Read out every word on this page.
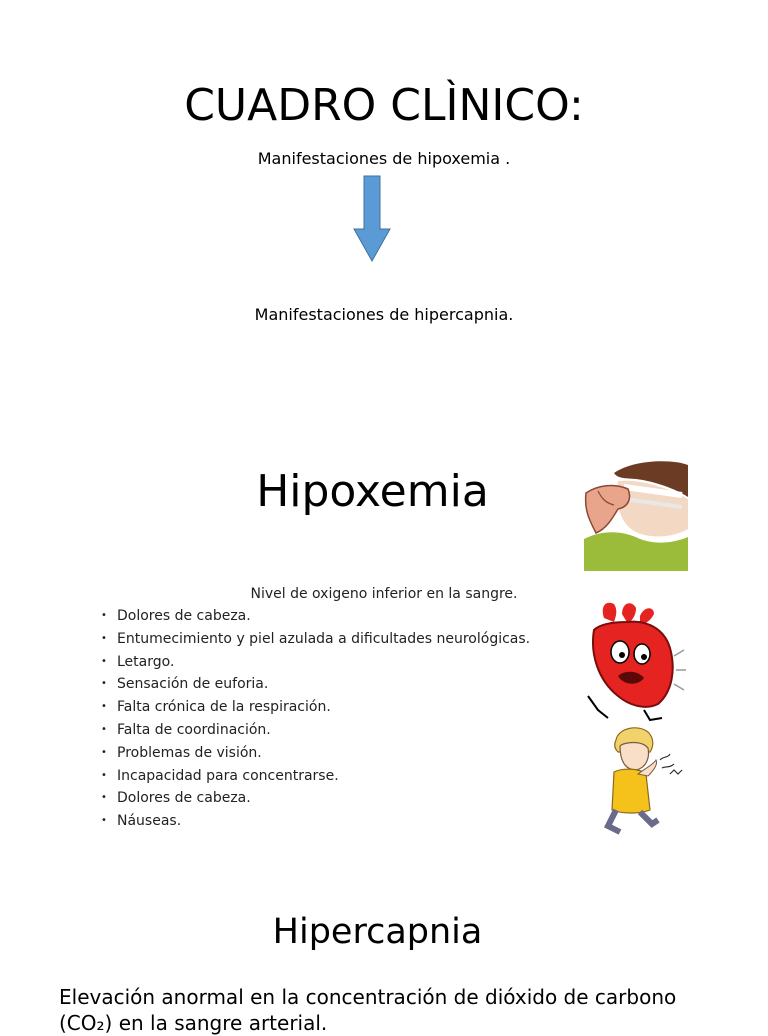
CUADRO CLÌNICO:
Manifestaciones de hipoxemia .
Manifestaciones de hipercapnia.
Hipoxemia
Nivel de oxigeno inferior en la sangre.
• Dolores de cabeza.
• Entumecimiento y piel azulada a dificultades neurológicas.
• Letargo.
• Sensación de euforia.
• Falta crónica de la respiración.
• Falta de coordinación.
• Problemas de visión.
• Incapacidad para concentrarse.
• Dolores de cabeza.
• Náuseas.
Hipercapnia
Elevación anormal en la concentración de dióxido de carbono (CO₂) en la sangre arterial.
